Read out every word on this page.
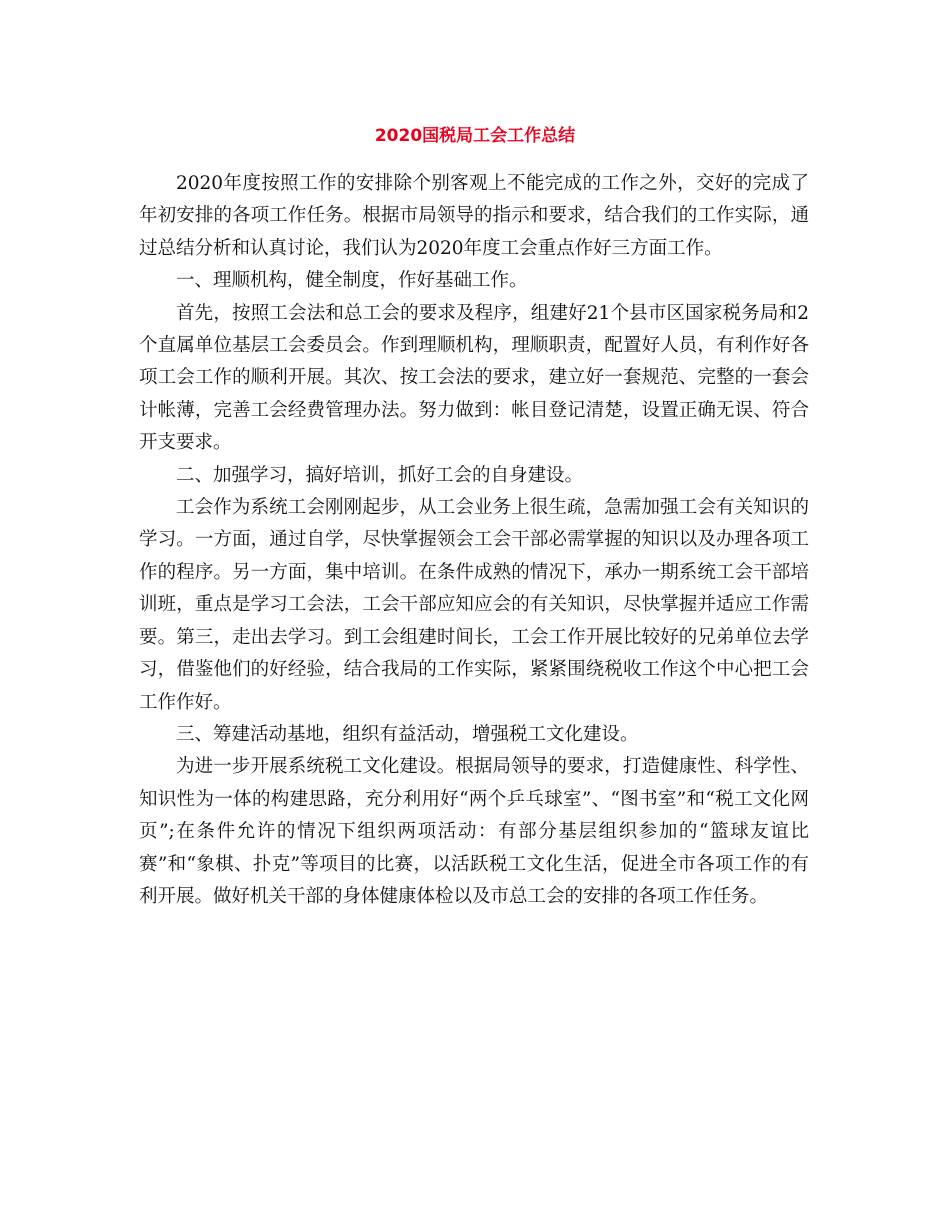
2020国税局工会工作总结

2020年度按照工作的安排除个别客观上不能完成的工作之外，交好的完成了年初安排的各项工作任务。根据市局领导的指示和要求，结合我们的工作实际，通过总结分析和认真讨论，我们认为2020年度工会重点作好三方面工作。

一、理顺机构，健全制度，作好基础工作。

首先，按照工会法和总工会的要求及程序，组建好21个县市区国家税务局和2个直属单位基层工会委员会。作到理顺机构，理顺职责，配置好人员，有利作好各项工会工作的顺利开展。其次、按工会法的要求，建立好一套规范、完整的一套会计帐薄，完善工会经费管理办法。努力做到：帐目登记清楚，设置正确无误、符合开支要求。

二、加强学习，搞好培训，抓好工会的自身建设。

工会作为系统工会刚刚起步，从工会业务上很生疏，急需加强工会有关知识的学习。一方面，通过自学，尽快掌握领会工会干部必需掌握的知识以及办理各项工作的程序。另一方面，集中培训。在条件成熟的情况下，承办一期系统工会干部培训班，重点是学习工会法，工会干部应知应会的有关知识，尽快掌握并适应工作需要。第三，走出去学习。到工会组建时间长，工会工作开展比较好的兄弟单位去学习，借鉴他们的好经验，结合我局的工作实际，紧紧围绕税收工作这个中心把工会工作作好。

三、筹建活动基地，组织有益活动，增强税工文化建设。

为进一步开展系统税工文化建设。根据局领导的要求，打造健康性、科学性、知识性为一体的构建思路，充分利用好“两个乒乓球室”、“图书室”和“税工文化网页”;在条件允许的情况下组织两项活动：有部分基层组织参加的“篮球友谊比赛”和“象棋、扑克”等项目的比赛，以活跃税工文化生活，促进全市各项工作的有利开展。做好机关干部的身体健康体检以及市总工会的安排的各项工作任务。
